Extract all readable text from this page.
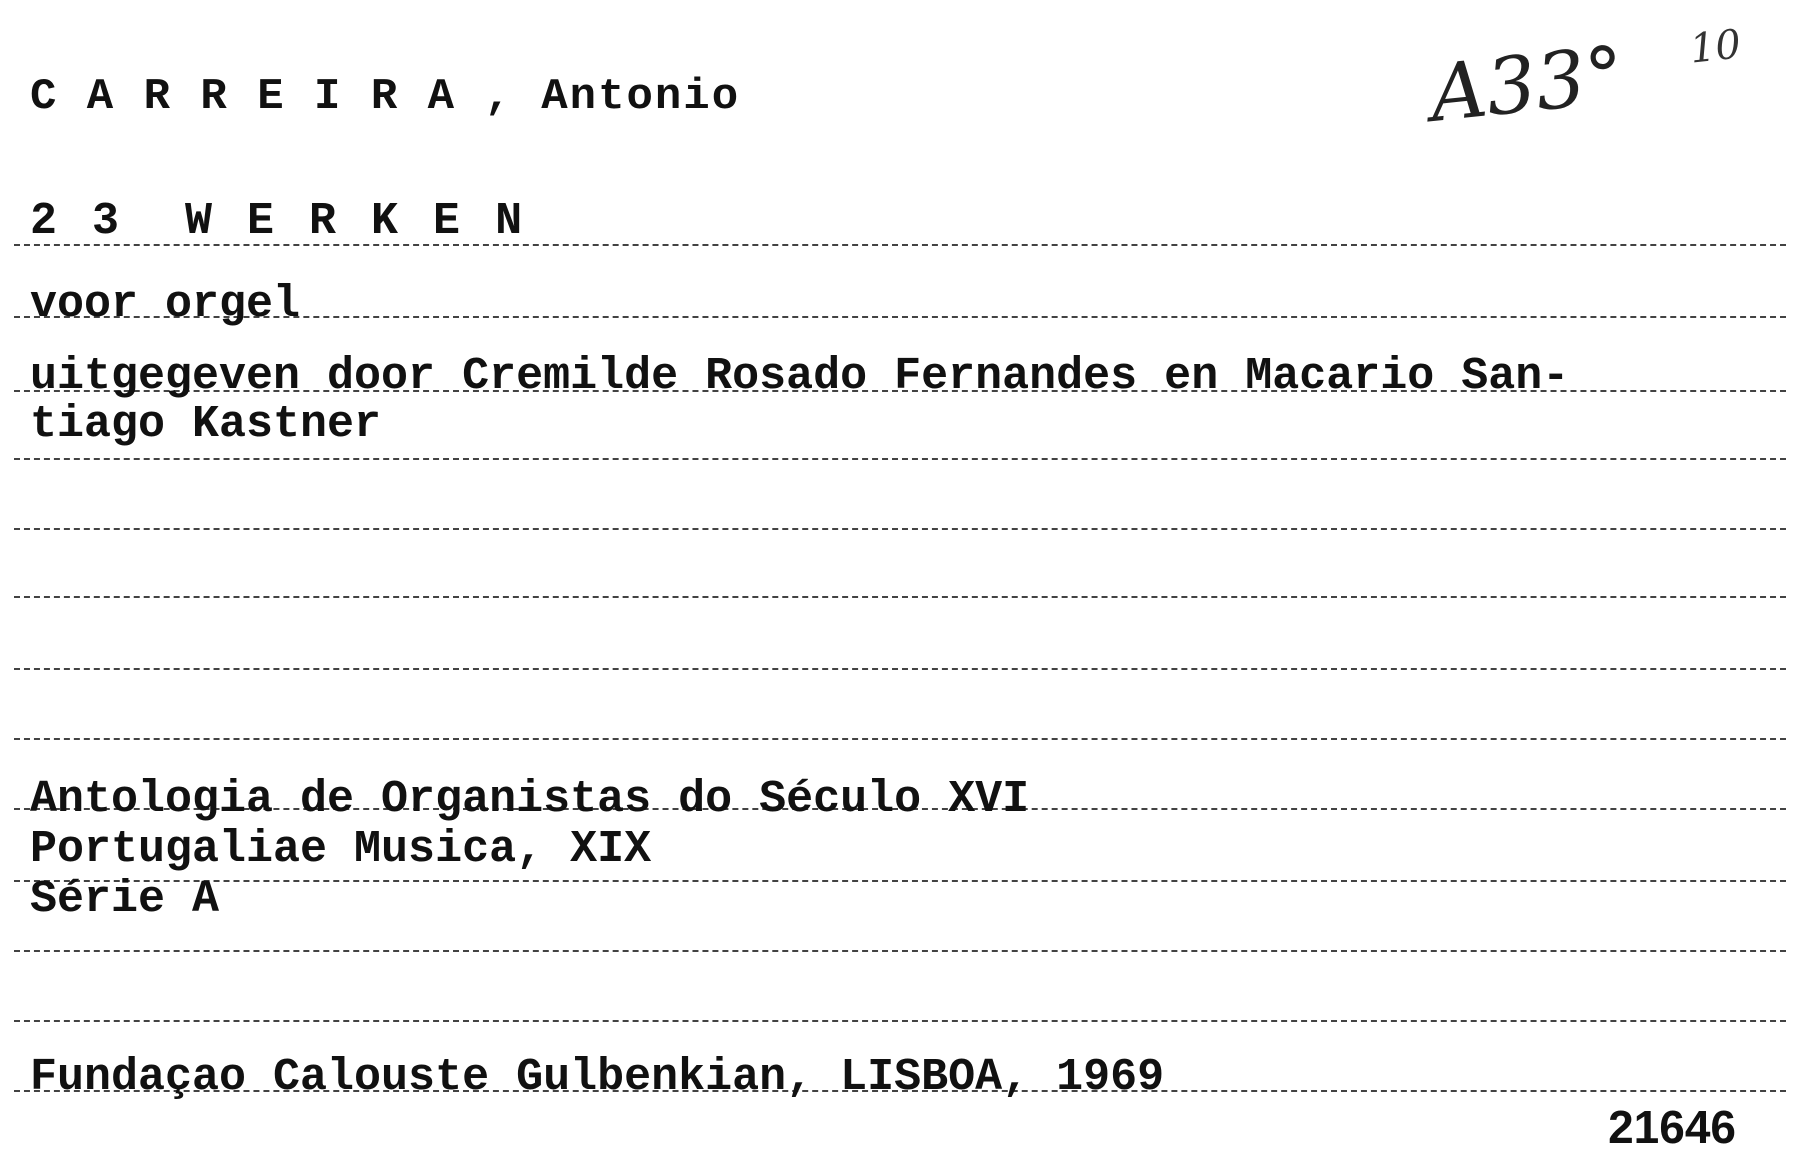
C A R R E I R A , Antonio	A33° 10
2 3  W E R K E N
voor orgel
uitgegeven door Cremilde Rosado Fernandes en Macario San-
tiago Kastner
Antologia de Organistas do Século XVI
Portugaliae Musica, XIX
Série A
Fundaçao Calouste Gulbenkian, LISBOA, 1969
21646
